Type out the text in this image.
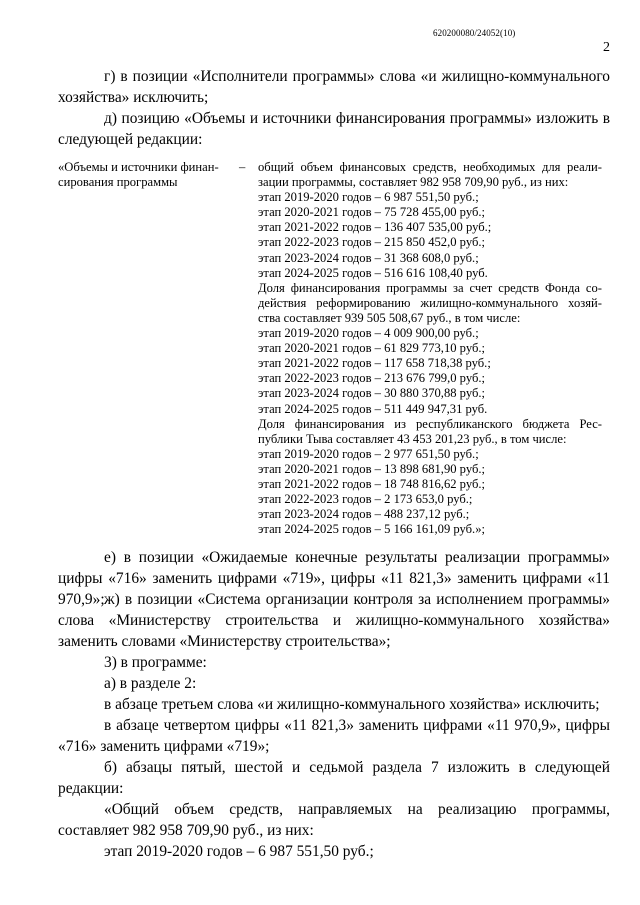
620200080/24052(10)
2
г) в позиции «Исполнители программы» слова «и жилищно-коммунального
хозяйства» исключить;
д) позицию «Объемы и источники финансирования программы» изложить в
следующей редакции:
«Объемы и источники финан-
сирования программы
– общий объем финансовых средств, необходимых для реали-
зации программы, составляет 982 958 709,90 руб., из них:
этап 2019-2020 годов – 6 987 551,50 руб.;
этап 2020-2021 годов – 75 728 455,00 руб.;
этап 2021-2022 годов – 136 407 535,00 руб.;
этап 2022-2023 годов – 215 850 452,0 руб.;
этап 2023-2024 годов – 31 368 608,0 руб.;
этап 2024-2025 годов – 516 616 108,40 руб.
Доля финансирования программы за счет средств Фонда со-
действия реформированию жилищно-коммунального хозяй-
ства составляет 939 505 508,67 руб., в том числе:
этап 2019-2020 годов – 4 009 900,00 руб.;
этап 2020-2021 годов – 61 829 773,10 руб.;
этап 2021-2022 годов – 117 658 718,38 руб.;
этап 2022-2023 годов – 213 676 799,0 руб.;
этап 2023-2024 годов – 30 880 370,88 руб.;
этап 2024-2025 годов – 511 449 947,31 руб.
Доля финансирования из республиканского бюджета Рес-
публики Тыва составляет 43 453 201,23 руб., в том числе:
этап 2019-2020 годов – 2 977 651,50 руб.;
этап 2020-2021 годов – 13 898 681,90 руб.;
этап 2021-2022 годов – 18 748 816,62 руб.;
этап 2022-2023 годов – 2 173 653,0 руб.;
этап 2023-2024 годов – 488 237,12 руб.;
этап 2024-2025 годов – 5 166 161,09 руб.»;
е) в позиции «Ожидаемые конечные результаты реализации программы» цифры «716» заменить цифрами «719», цифры «11 821,3» заменить цифрами «11 970,9»; ж) в позиции «Система организации контроля за исполнением программы» слова «Министерству строительства и жилищно-коммунального хозяйства» заменить словами «Министерству строительства»;
3) в программе:
а) в разделе 2:
в абзаце третьем слова «и жилищно-коммунального хозяйства» исключить;
в абзаце четвертом цифры «11 821,3» заменить цифрами «11 970,9», цифры «716» заменить цифрами «719»;
б) абзацы пятый, шестой и седьмой раздела 7 изложить в следующей редакции:
«Общий объем средств, направляемых на реализацию программы, составляет 982 958 709,90 руб., из них:
этап 2019-2020 годов – 6 987 551,50 руб.;
